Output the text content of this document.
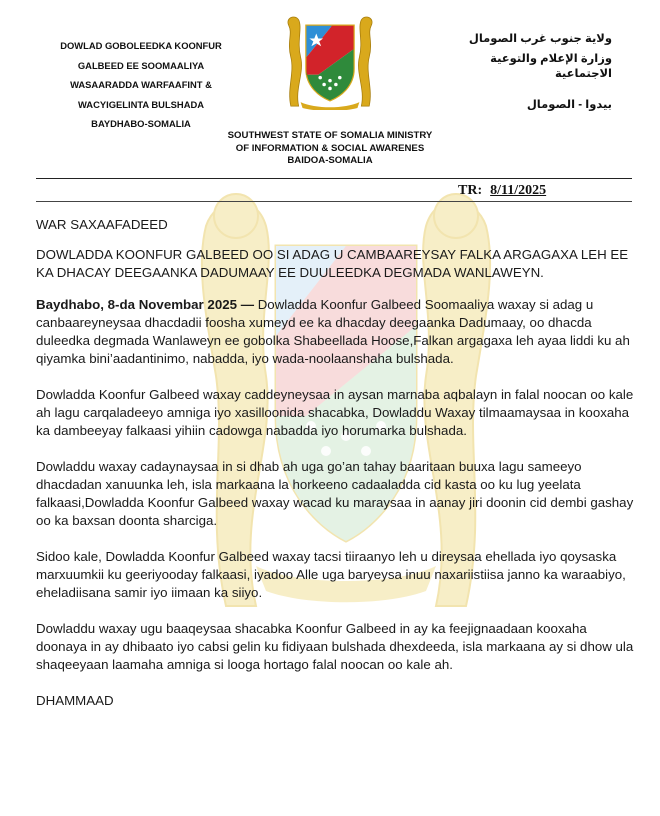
DOWLAD GOBOLEEDKA KOONFUR
GALBEED EE SOOMAALIYA
WASAARADDA WARFAAFINT &
WACYIGELINTA BULSHADA
BAYDHABO-SOMALIA
ولاية جنوب غرب الصومال
وزارة الإعلام والتوعية
الاجتماعية
بيدوا - الصومال
SOUTHWEST STATE OF SOMALIA MINISTRY
OF INFORMATION & SOCIAL AWARENES
BAIDOA-SOMALIA
TR: 8/11/2025

WAR SAXAAFADEED

DOWLADDA KOONFUR GALBEED OO SI ADAG U CAMBAAREYSAY FALKA ARGAGAXA LEH EE KA DHACAY DEEGAANKA DADUMAAY EE DUULEEDKA DEGMADA WANLAWEYN.

Baydhabo, 8-da Novembar 2025 — Dowladda Koonfur Galbeed Soomaaliya waxay si adag u canbaareyneysaa dhacdadii foosha xumeyd ee ka dhacday deegaanka Dadumaay, oo dhacda duleedka degmada Wanlaweyn ee gobolka Shabeellada Hoose,Falkan argagaxa leh ayaa liddi ku ah qiyamka bini’aadantinimo, nabadda, iyo wada-noolaanshaha bulshada.

Dowladda Koonfur Galbeed waxay caddeyneysaa in aysan marnaba aqbalayn in falal noocan oo kale ah lagu carqaladeeyo amniga iyo xasilloonida shacabka, Dowladdu Waxay tilmaamaysaa in kooxaha ka dambeeyay falkaasi yihiin cadowga nabadda iyo horumarka bulshada.

Dowladdu waxay cadaynaysaa in si dhab ah uga go’an tahay baaritaan buuxa lagu sameeyo dhacdadan xanuunka leh, isla markaana la horkeeno cadaaladda cid kasta oo ku lug yeelata falkaasi,Dowladda Koonfur Galbeed waxay wacad ku maraysaa in aanay jiri doonin cid dembi gashay oo ka baxsan doonta sharciga.

Sidoo kale, Dowladda Koonfur Galbeed waxay tacsi tiiraanyo leh u direysaa ehellada iyo qoysaska marxuumkii ku geeriyooday falkaasi, iyadoo Alle uga baryeysa inuu naxariistiisa janno ka waraabiyo, eheladiisana samir iyo iimaan ka siiyo.

Dowladdu waxay ugu baaqeysaa shacabka Koonfur Galbeed in ay ka feejignaadaan kooxaha doonaya in ay dhibaato iyo cabsi gelin ku fidiyaan bulshada dhexdeeda, isla markaana ay si dhow ula shaqeeyaan laamaha amniga si looga hortago falal noocan oo kale ah.

DHAMMAAD
